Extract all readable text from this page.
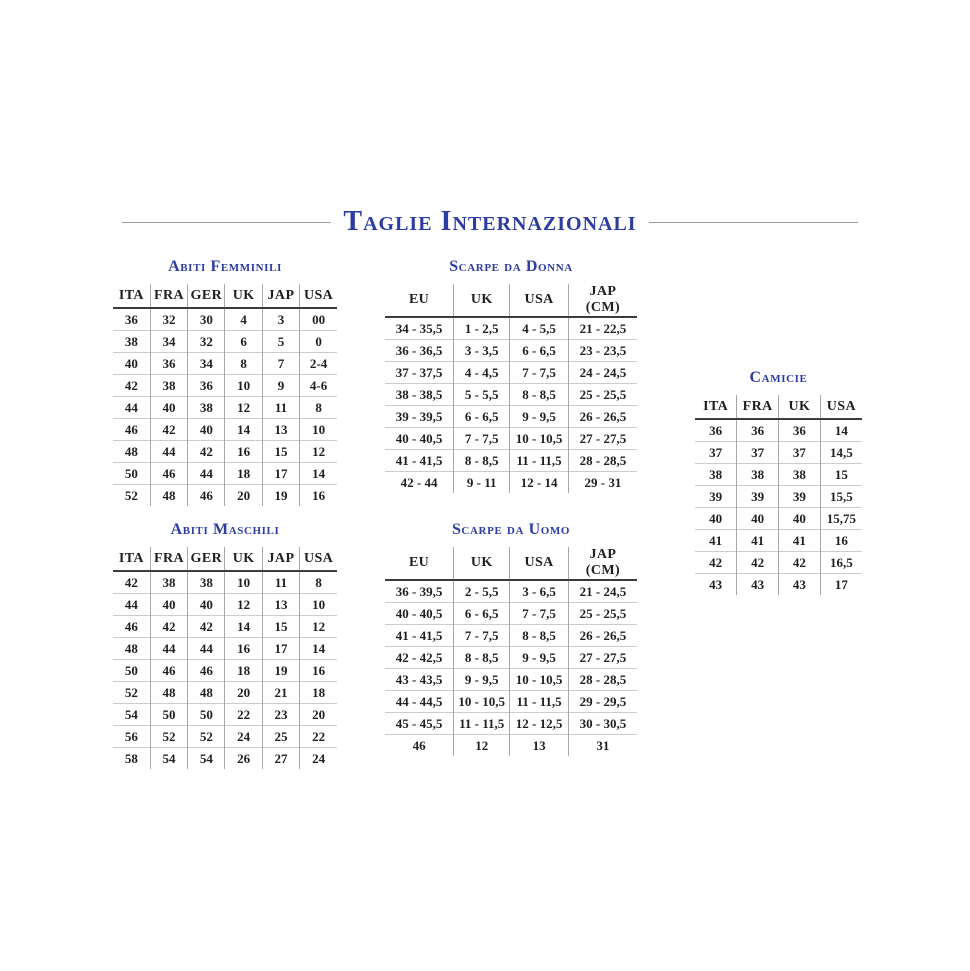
Taglie Internazionali
Abiti Femminili
ITA	FRA	GER	UK	JAP	USA
36	32	30	4	3	00
38	34	32	6	5	0
40	36	34	8	7	2-4
42	38	36	10	9	4-6
44	40	38	12	11	8
46	42	40	14	13	10
48	44	42	16	15	12
50	46	44	18	17	14
52	48	46	20	19	16
Scarpe da Donna
EU	UK	USA	JAP (CM)
34 - 35,5	1 - 2,5	4 - 5,5	21 - 22,5
36 - 36,5	3 - 3,5	6 - 6,5	23 - 23,5
37 - 37,5	4 - 4,5	7 - 7,5	24 - 24,5
38 - 38,5	5 - 5,5	8 - 8,5	25 - 25,5
39 - 39,5	6 - 6,5	9 - 9,5	26 - 26,5
40 - 40,5	7 - 7,5	10 - 10,5	27 - 27,5
41 - 41,5	8 - 8,5	11 - 11,5	28 - 28,5
42 - 44	9 - 11	12 - 14	29 - 31
Camicie
ITA	FRA	UK	USA
36	36	36	14
37	37	37	14,5
38	38	38	15
39	39	39	15,5
40	40	40	15,75
41	41	41	16
42	42	42	16,5
43	43	43	17
Abiti Maschili
ITA	FRA	GER	UK	JAP	USA
42	38	38	10	11	8
44	40	40	12	13	10
46	42	42	14	15	12
48	44	44	16	17	14
50	46	46	18	19	16
52	48	48	20	21	18
54	50	50	22	23	20
56	52	52	24	25	22
58	54	54	26	27	24
Scarpe da Uomo
EU	UK	USA	JAP (CM)
36 - 39,5	2 - 5,5	3 - 6,5	21 - 24,5
40 - 40,5	6 - 6,5	7 - 7,5	25 - 25,5
41 - 41,5	7 - 7,5	8 - 8,5	26 - 26,5
42 - 42,5	8 - 8,5	9 - 9,5	27 - 27,5
43 - 43,5	9 - 9,5	10 - 10,5	28 - 28,5
44 - 44,5	10 - 10,5	11 - 11,5	29 - 29,5
45 - 45,5	11 - 11,5	12 - 12,5	30 - 30,5
46	12	13	31
